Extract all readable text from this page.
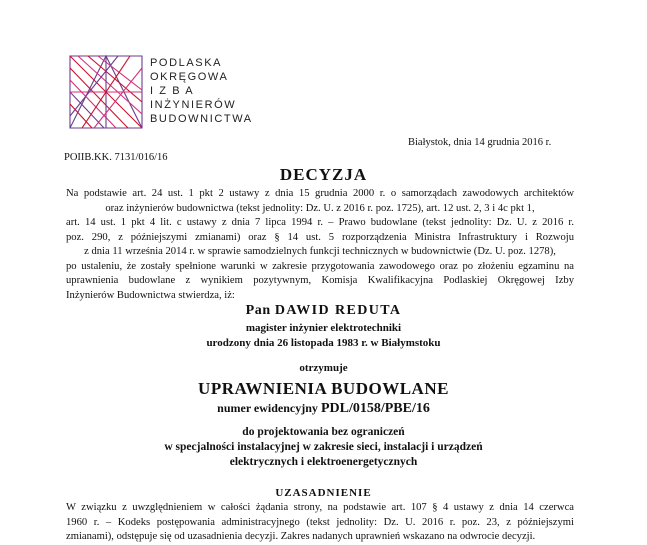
PODLASKA
OKRĘGOWA
I Z B A
INŻYNIERÓW
BUDOWNICTWA
Białystok, dnia 14 grudnia 2016 r.
POIIB.KK. 7131/016/16
DECYZJA
Na podstawie art. 24 ust. 1 pkt 2 ustawy z dnia 15 grudnia 2000 r. o samorządach zawodowych architektów
oraz inżynierów budownictwa (tekst jednolity: Dz. U. z 2016 r. poz. 1725), art. 12 ust. 2, 3 i 4c pkt 1,
art. 14 ust. 1 pkt 4 lit. c ustawy z dnia 7 lipca 1994 r. – Prawo budowlane (tekst jednolity: Dz. U. z 2016 r.
poz. 290, z późniejszymi zmianami) oraz § 14 ust. 5 rozporządzenia Ministra Infrastruktury i Rozwoju
z dnia 11 września 2014 r. w sprawie samodzielnych funkcji technicznych w budownictwie (Dz. U. poz. 1278),
po ustaleniu, że zostały spełnione warunki w zakresie przygotowania zawodowego oraz po złożeniu egzaminu na
uprawnienia budowlane z wynikiem pozytywnym, Komisja Kwalifikacyjna Podlaskiej Okręgowej Izby
Inżynierów Budownictwa stwierdza, iż:
Pan DAWID REDUTA
magister inżynier elektrotechniki
urodzony dnia 26 listopada 1983 r. w Białymstoku
otrzymuje
UPRAWNIENIA BUDOWLANE
numer ewidencyjny PDL/0158/PBE/16
do projektowania bez ograniczeń
w specjalności instalacyjnej w zakresie sieci, instalacji i urządzeń
elektrycznych i elektroenergetycznych
UZASADNIENIE
W związku z uwzględnieniem w całości żądania strony, na podstawie art. 107 § 4 ustawy z dnia 14 czerwca
1960 r. – Kodeks postępowania administracyjnego (tekst jednolity: Dz. U. 2016 r. poz. 23, z późniejszymi
zmianami), odstępuje się od uzasadnienia decyzji. Zakres nadanych uprawnień wskazano na odwrocie decyzji.
